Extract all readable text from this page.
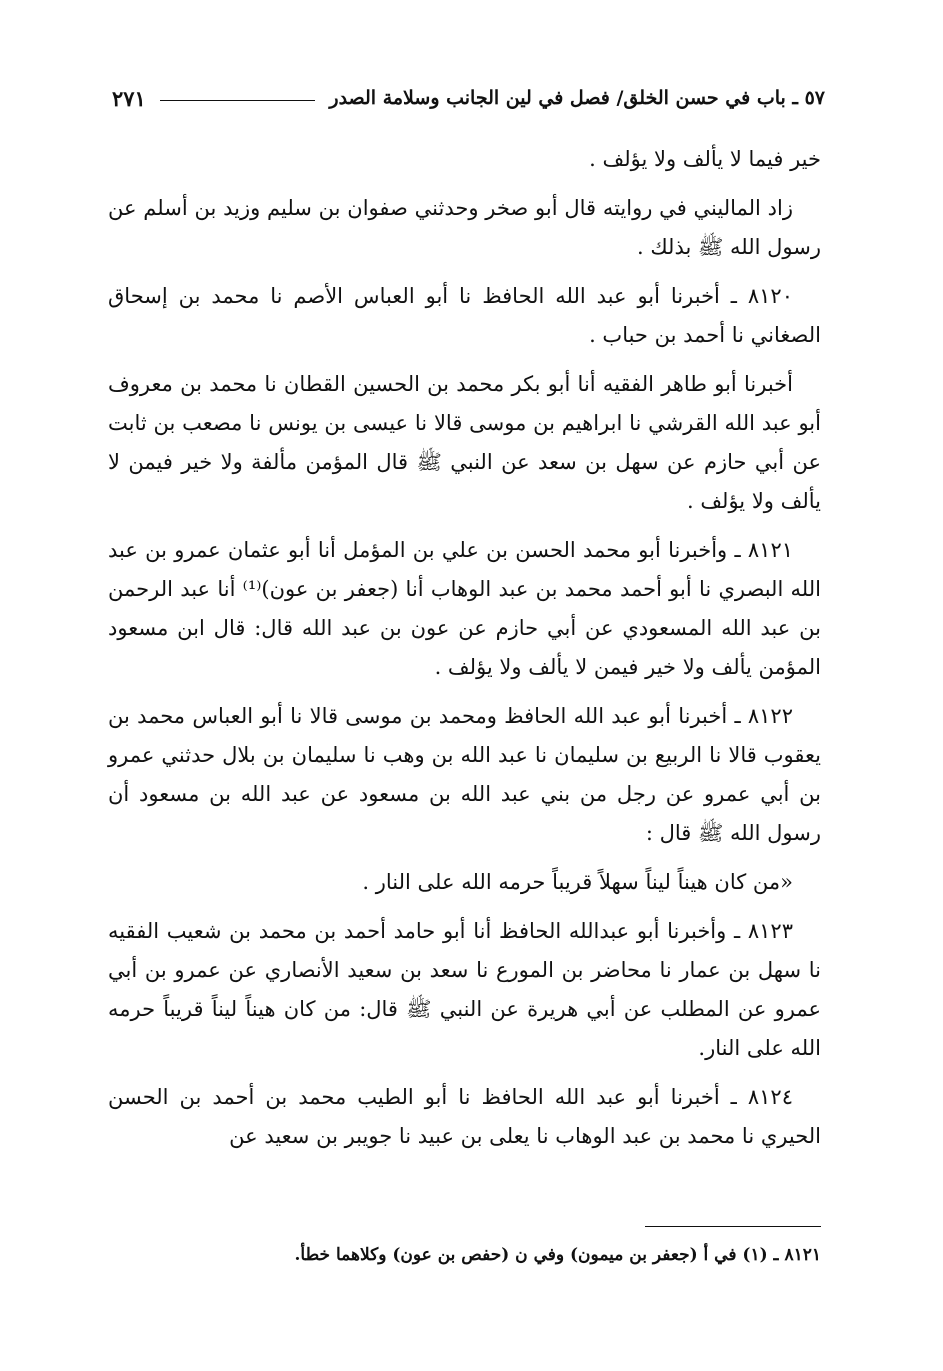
٥٧ ـ باب في حسن الخلق/ فصل في لين الجانب وسلامة الصدر
٢٧١

خير فيما لا يألف ولا يؤلف .

زاد الماليني في روايته قال أبو صخر وحدثني صفوان بن سليم وزيد بن أسلم عن رسول الله ﷺ بذلك .

٨١٢٠ ـ أخبرنا أبو عبد الله الحافظ نا أبو العباس الأصم نا محمد بن إسحاق الصغاني نا أحمد بن حباب .

أخبرنا أبو طاهر الفقيه أنا أبو بكر محمد بن الحسين القطان نا محمد بن معروف أبو عبد الله القرشي نا ابراهيم بن موسى قالا نا عيسى بن يونس نا مصعب بن ثابت عن أبي حازم عن سهل بن سعد عن النبي ﷺ قال المؤمن مألفة ولا خير فيمن لا يألف ولا يؤلف .

٨١٢١ ـ وأخبرنا أبو محمد الحسن بن علي بن المؤمل أنا أبو عثمان عمرو بن عبد الله البصري نا أبو أحمد محمد بن عبد الوهاب أنا (جعفر بن عون)⁽¹⁾ أنا عبد الرحمن بن عبد الله المسعودي عن أبي حازم عن عون بن عبد الله قال: قال ابن مسعود المؤمن يألف ولا خير فيمن لا يألف ولا يؤلف .

٨١٢٢ ـ أخبرنا أبو عبد الله الحافظ ومحمد بن موسى قالا نا أبو العباس محمد بن يعقوب قالا نا الربيع بن سليمان نا عبد الله بن وهب نا سليمان بن بلال حدثني عمرو بن أبي عمرو عن رجل من بني عبد الله بن مسعود عن عبد الله بن مسعود أن رسول الله ﷺ قال :

«من كان هيناً ليناً سهلاً قريباً حرمه الله على النار .

٨١٢٣ ـ وأخبرنا أبو عبدالله الحافظ أنا أبو حامد أحمد بن محمد بن شعيب الفقيه نا سهل بن عمار نا محاضر بن المورع نا سعد بن سعيد الأنصاري عن عمرو بن أبي عمرو عن المطلب عن أبي هريرة عن النبي ﷺ قال: من كان هيناً ليناً قريباً حرمه الله على النار.

٨١٢٤ ـ أخبرنا أبو عبد الله الحافظ نا أبو الطيب محمد بن أحمد بن الحسن الحيري نا محمد بن عبد الوهاب نا يعلى بن عبيد نا جويبر بن سعيد عن

٨١٢١ ـ (١) في أ (جعفر بن ميمون) وفي ن (حفص بن عون) وكلاهما خطأ.
